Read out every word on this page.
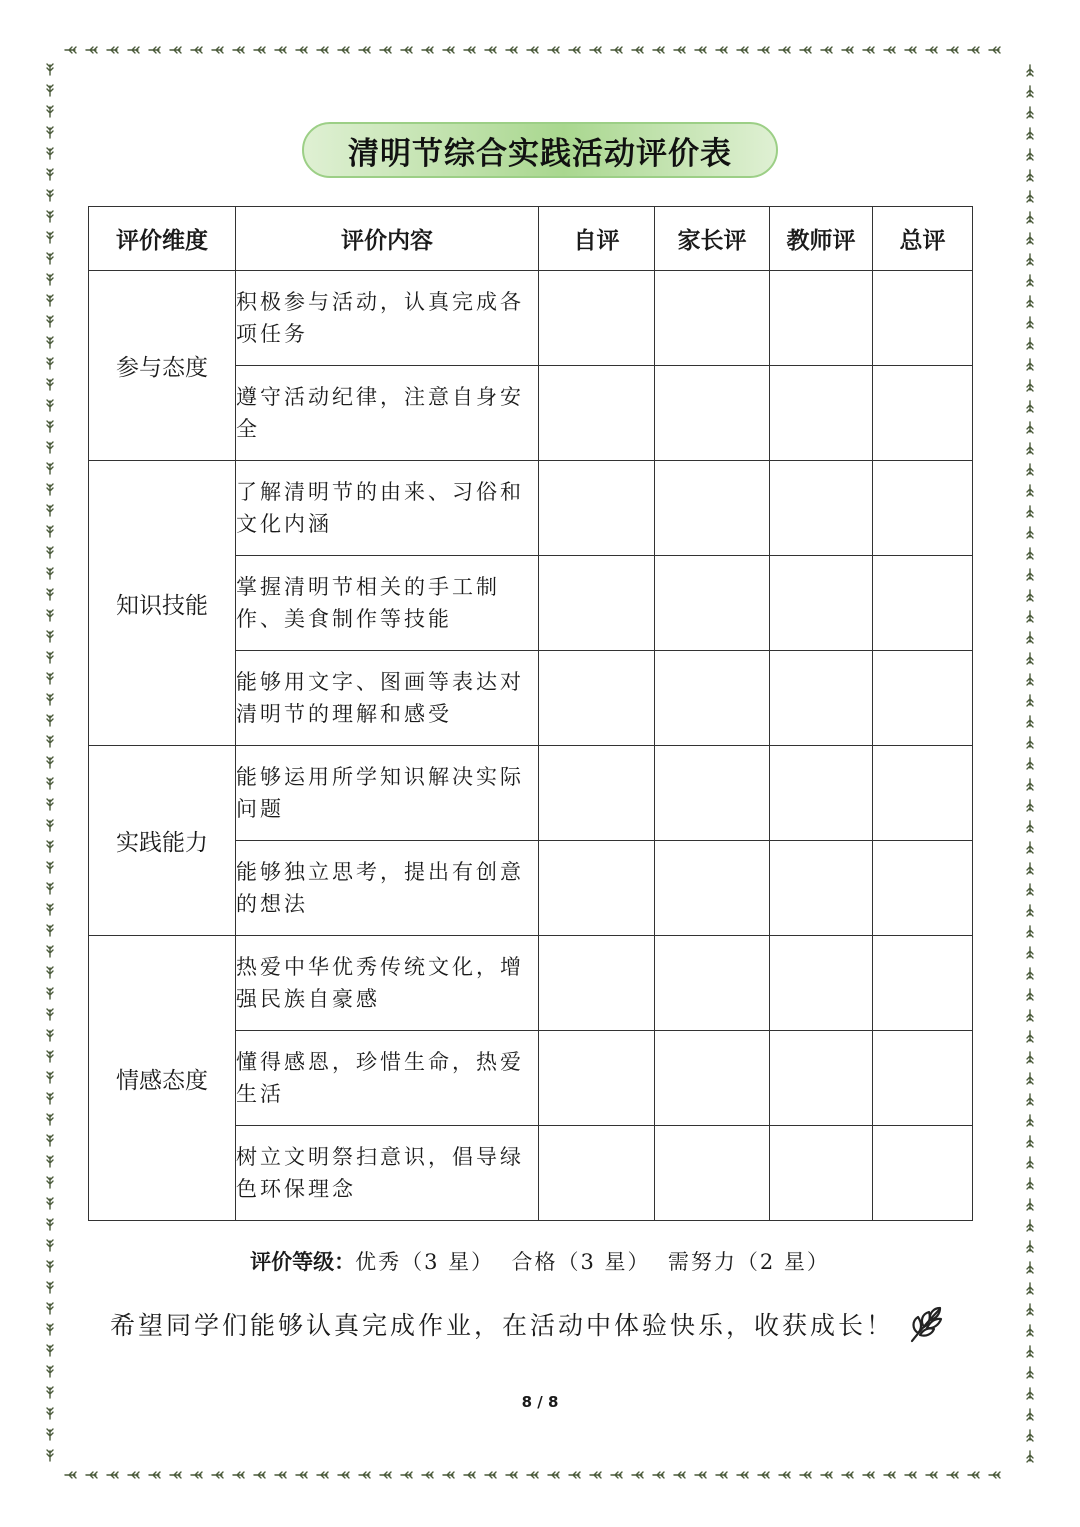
清明节综合实践活动评价表
评价维度	评价内容	自评	家长评	教师评	总评
参与态度	积极参与活动，认真完成各项任务				
	遵守活动纪律，注意自身安全				
知识技能	了解清明节的由来、习俗和文化内涵				
	掌握清明节相关的手工制作、美食制作等技能				
	能够用文字、图画等表达对清明节的理解和感受				
实践能力	能够运用所学知识解决实际问题				
	能够独立思考，提出有创意的想法				
情感态度	热爱中华优秀传统文化，增强民族自豪感				
	懂得感恩，珍惜生命，热爱生活				
	树立文明祭扫意识，倡导绿色环保理念				
评价等级：优秀（3 星）  合格（3 星）  需努力（2 星）
希望同学们能够认真完成作业，在活动中体验快乐，收获成长！
8 / 8
